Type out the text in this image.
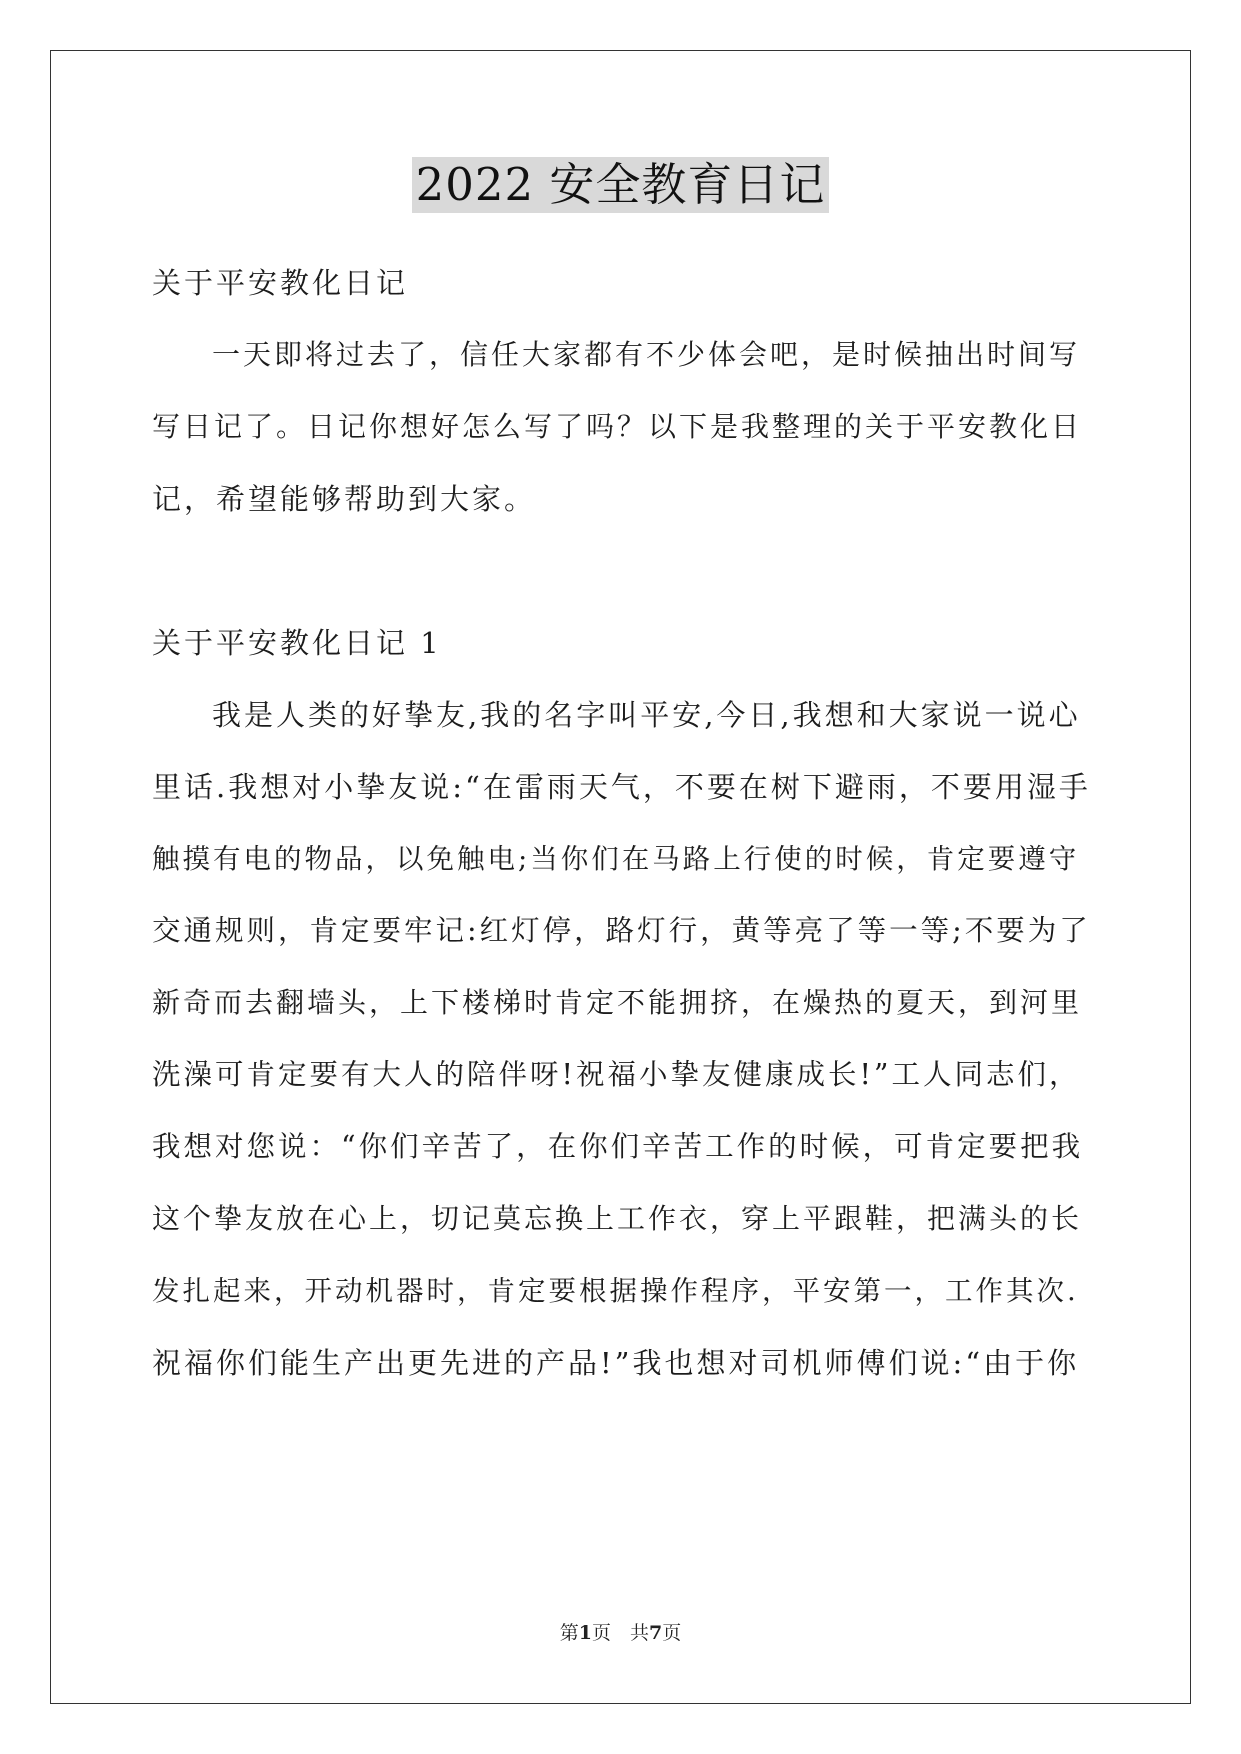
2022 安全教育日记
关于平安教化日记
一天即将过去了，信任大家都有不少体会吧，是时候抽出时间写
写日记了。日记你想好怎么写了吗？以下是我整理的关于平安教化日
记，希望能够帮助到大家。
关于平安教化日记 1
我是人类的好挚友,我的名字叫平安,今日,我想和大家说一说心
里话.我想对小挚友说:“在雷雨天气，不要在树下避雨，不要用湿手
触摸有电的物品，以免触电;当你们在马路上行使的时候，肯定要遵守
交通规则，肯定要牢记:红灯停，路灯行，黄等亮了等一等;不要为了
新奇而去翻墙头，上下楼梯时肯定不能拥挤，在燥热的夏天，到河里
洗澡可肯定要有大人的陪伴呀!祝福小挚友健康成长!”工人同志们，
我想对您说：“你们辛苦了，在你们辛苦工作的时候，可肯定要把我
这个挚友放在心上，切记莫忘换上工作衣，穿上平跟鞋，把满头的长
发扎起来，开动机器时，肯定要根据操作程序，平安第一，工作其次.
祝福你们能生产出更先进的产品!”我也想对司机师傅们说:“由于你
第1页　共7页
